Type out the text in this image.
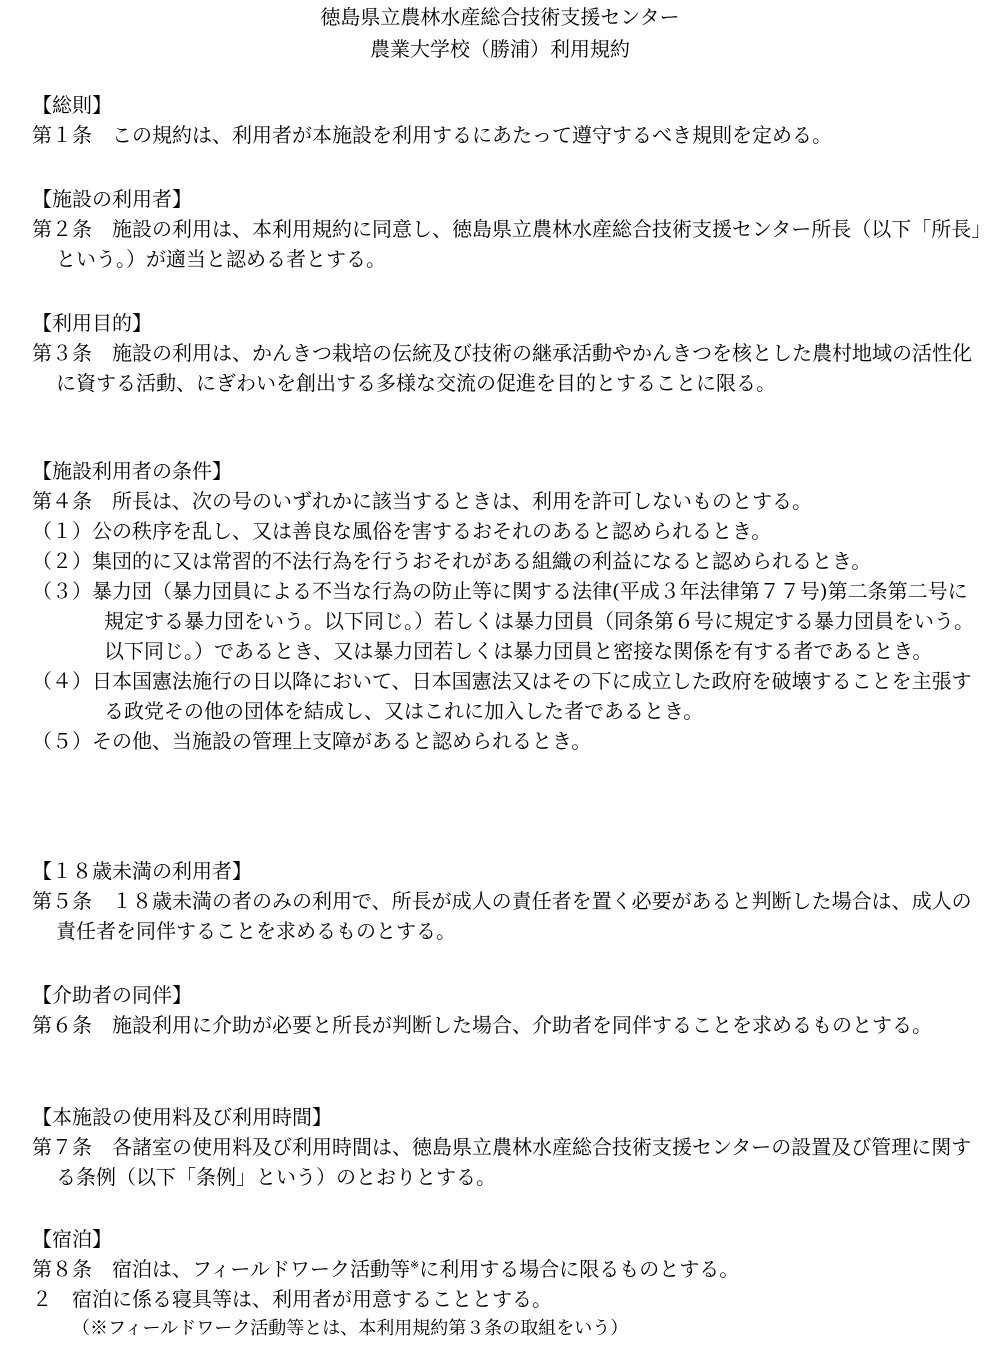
徳島県立農林水産総合技術支援センター

農業大学校（勝浦）利用規約

【総則】

第１条　 この規約は、利用者が本施設を利用するにあたって遵守するべき規則を定める。

【施設の利用者】

第２条　 施設の利用は、本利用規約に同意し、徳島県立農林水産総合技術支援センター所長（以下「所長」という。）が適当と認める者とする。

【利用目的】

第３条　 施設の利用は、かんきつ栽培の伝統及び技術の継承活動やかんきつを核とした農村地域の活性化に資する活動、にぎわいを創出する多様な交流の促進を目的とすることに限る。

【施設利用者の条件】

第４条　 所長は、次の号のいずれかに該当するときは、利用を許可しないものとする。

（１）公の秩序を乱し、又は善良な風俗を害するおそれのあると認められるとき。

（２）集団的に又は常習的不法行為を行うおそれがある組織の利益になると認められるとき。

（３）暴力団（暴力団員による不当な行為の防止等に関する法律(平成３年法律第７７号)第二条第二号に規定する暴力団をいう。以下同じ。）若しくは暴力団員（同条第６号に規定する暴力団員をいう。以下同じ。）であるとき、又は暴力団若しくは暴力団員と密接な関係を有する者であるとき。

（４）日本国憲法施行の日以降において、日本国憲法又はその下に成立した政府を破壊することを主張する政党その他の団体を結成し、又はこれに加入した者であるとき。

（５）その他、当施設の管理上支障があると認められるとき。

【１８歳未満の利用者】

第５条　 １８歳未満の者のみの利用で、所長が成人の責任者を置く必要があると判断した場合は、成人の責任者を同伴することを求めるものとする。

【介助者の同伴】

第６条　 施設利用に介助が必要と所長が判断した場合、介助者を同伴することを求めるものとする。

【本施設の使用料及び利用時間】

第７条　 各諸室の使用料及び利用時間は、徳島県立農林水産総合技術支援センターの設置及び管理に関する条例（以下「条例」という）のとおりとする。

【宿泊】

第８条　 宿泊は、フィールドワーク活動等※に利用する場合に限るものとする。

２　 宿泊に係る寝具等は、利用者が用意することとする。

（※フィールドワーク活動等とは、本利用規約第３条の取組をいう）
